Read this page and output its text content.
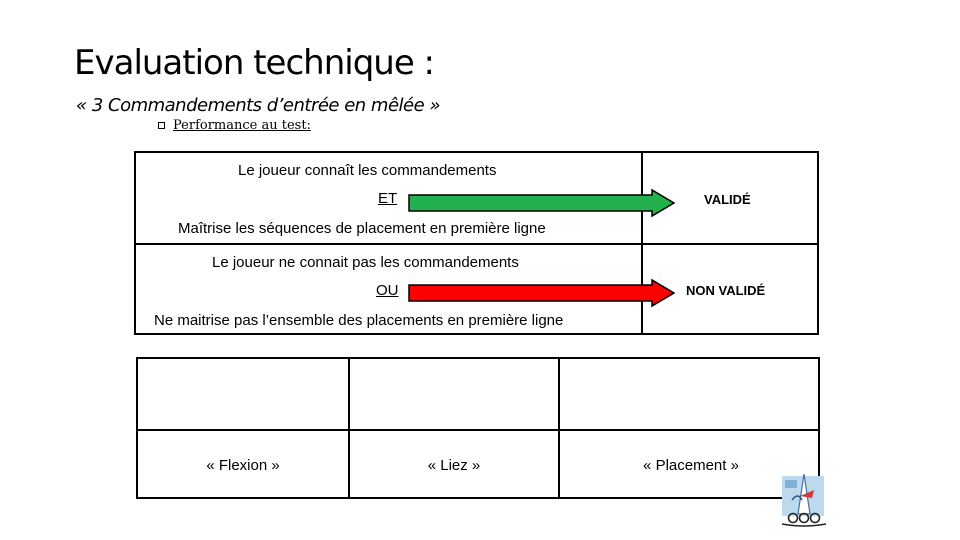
Evaluation technique :
« 3 Commandements d’entrée en mêlée »
Performance au test:
Le joueur connaît les commandements
ET
Maîtrise les séquences de placement en première ligne
VALIDÉ
Le joueur ne connait pas les commandements
OU
Ne maitrise pas l’ensemble des placements en première ligne
NON VALIDÉ
« Flexion »	« Liez »	« Placement »
